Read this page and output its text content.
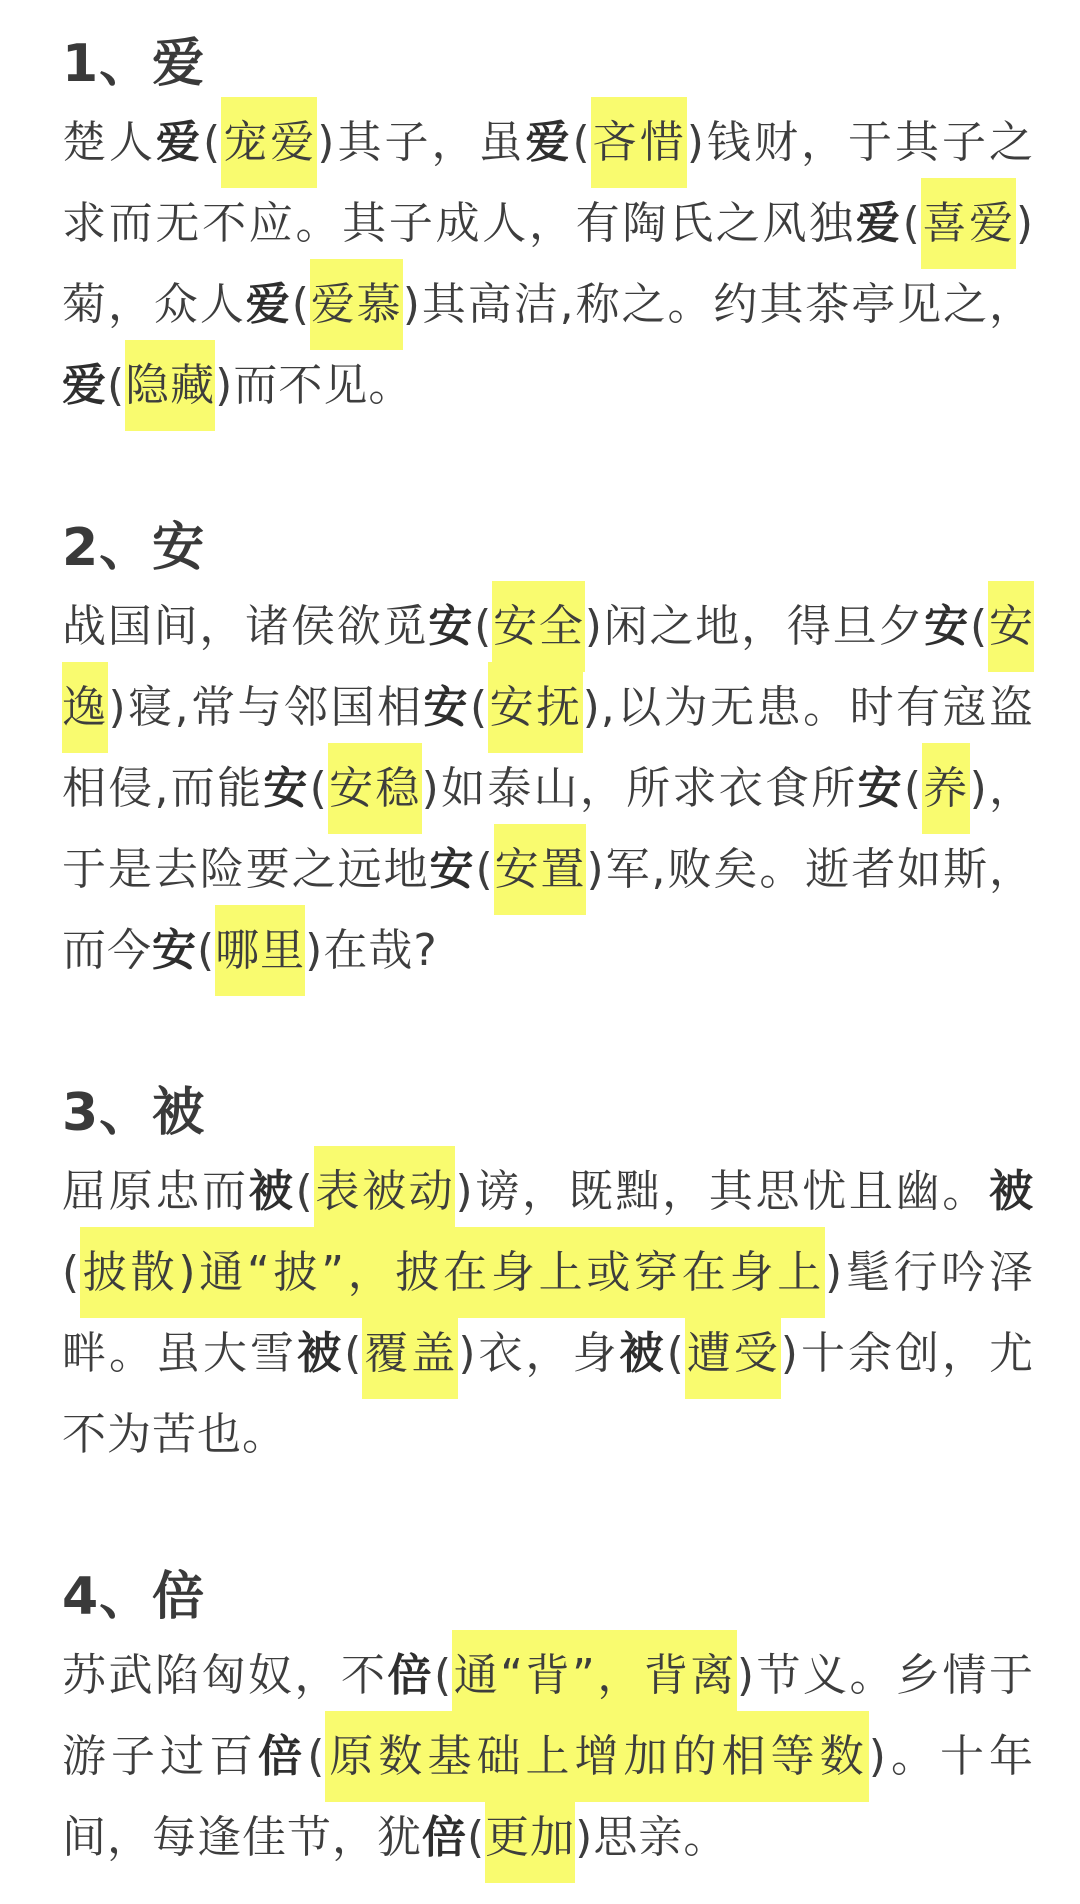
1、爱

楚人爱(宠爱)其子，虽爱(吝惜)钱财，于其子之求而无不应。其子成人，有陶氏之风独爱(喜爱) 菊，众人爱(爱慕)其高洁,称之。约其茶亭见之，爱(隐藏)而不见。

2、安

战国间，诸侯欲觅安(安全)闲之地，得旦夕安(安逸)寝,常与邻国相安(安抚),以为无患。时有寇盗相侵,而能安(安稳)如泰山，所求衣食所安(养)，于是去险要之远地安(安置)军,败矣。逝者如斯，而今安(哪里)在哉?

3、被

屈原忠而被(表被动)谤，既黜，其思忧且幽。被(披散)通“披”，披在身上或穿在身上)髦行吟泽畔。虽大雪被(覆盖)衣，身被(遭受)十余创，尤不为苦也。

4、倍

苏武陷匈奴，不倍(通“背”，背离)节义。乡情于游子过百倍(原数基础上增加的相等数)。十年间，每逢佳节，犹倍(更加)思亲。
